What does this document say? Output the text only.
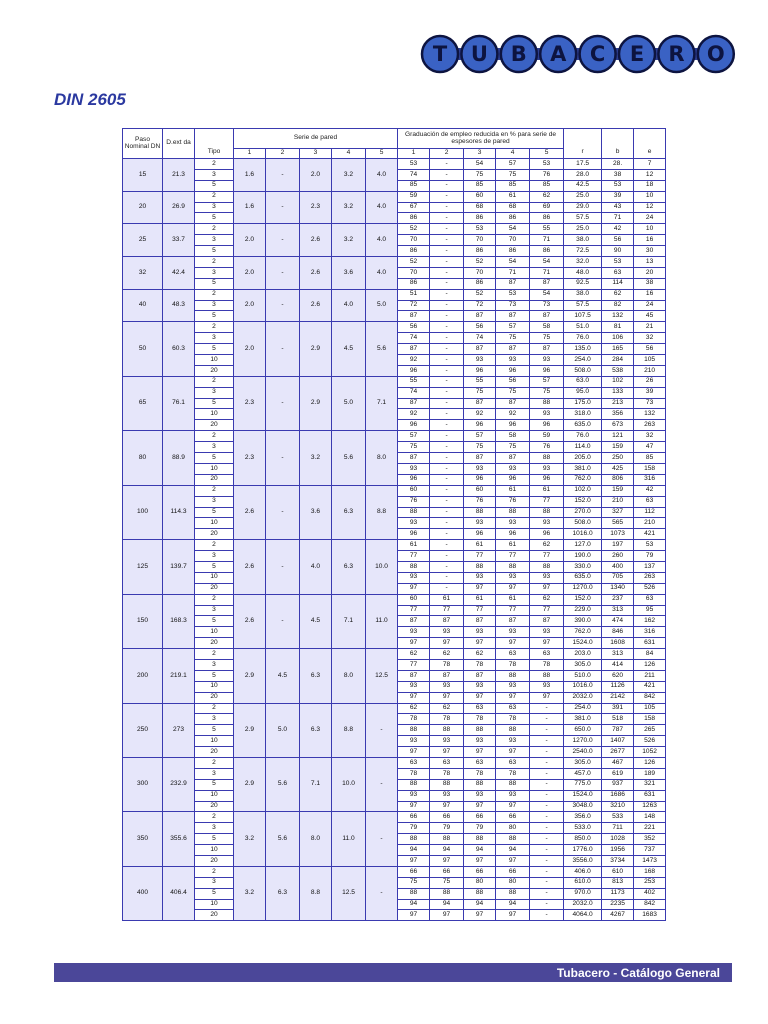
T U B A C E R O
DIN 2605
Paso Nominal DN	D.ext da	Tipo	Serie de pared					Graduación de empleo reducida en % para serie de espesores de pared					r	b	e
			1	2	3	4	5	1	2	3	4	5			
15	21.3	2	1.6	-	2.0	3.2	4.0	53	-	54	57	53	17.5	28.	7
		3						74	-	75	75	76	28.0	38	12
		5						85	-	85	85	85	42.5	53	18
20	26.9	2	1.6	-	2.3	3.2	4.0	59	-	60	61	62	25.0	39	10
		3						67	-	68	68	69	29.0	43	12
		5						86	-	86	86	86	57.5	71	24
25	33.7	2	2.0	-	2.6	3.2	4.0	52	-	53	54	55	25.0	42	10
		3						70	-	70	70	71	38.0	56	16
		5						86	-	86	86	86	72.5	90	30
32	42.4	2	2.0	-	2.6	3.6	4.0	52	-	52	54	54	32.0	53	13
		3						70	-	70	71	71	48.0	63	20
		5						86	-	86	87	87	92.5	114	38
40	48.3	2	2.0	-	2.6	4.0	5.0	51	-	52	53	54	38.0	62	16
		3						72	-	72	73	73	57.5	82	24
		5						87	-	87	87	87	107.5	132	45
50	60.3	2	2.0	-	2.9	4.5	5.6	56	-	56	57	58	51.0	81	21
		3						74	-	74	75	75	76.0	106	32
		5						87	-	87	87	87	135.0	165	56
		10						92	-	93	93	93	254.0	284	105
		20						96	-	96	96	96	508.0	538	210
65	76.1	2	2.3	-	2.9	5.0	7.1	55	-	55	56	57	63.0	102	26
		3						74	-	75	75	75	95.0	133	39
		5						87	-	87	87	88	175.0	213	73
		10						92	-	92	92	93	318.0	356	132
		20						96	-	96	96	96	635.0	673	263
80	88.9	2	2.3	-	3.2	5.6	8.0	57	-	57	58	59	76.0	121	32
		3						75	-	75	75	76	114.0	159	47
		5						87	-	87	87	88	205.0	250	85
		10						93	-	93	93	93	381.0	425	158
		20						96	-	96	96	96	762.0	806	316
100	114.3	2	2.6	-	3.6	6.3	8.8	60	-	60	61	61	102.0	159	42
		3						76	-	76	76	77	152.0	210	63
		5						88	-	88	88	88	270.0	327	112
		10						93	-	93	93	93	508.0	565	210
		20						96	-	96	96	96	1016.0	1073	421
125	139.7	2	2.6	-	4.0	6.3	10.0	61	-	61	61	62	127.0	197	53
		3						77	-	77	77	77	190.0	260	79
		5						88	-	88	88	88	330.0	400	137
		10						93	-	93	93	93	635.0	705	263
		20						97	-	97	97	97	1270.0	1340	526
150	168.3	2	2.6	-	4.5	7.1	11.0	60	61	61	61	62	152.0	237	63
		3						77	77	77	77	77	229.0	313	95
		5						87	87	87	87	87	390.0	474	162
		10						93	93	93	93	93	762.0	846	316
		20						97	97	97	97	97	1524.0	1608	631
200	219.1	2	2.9	4.5	6.3	8.0	12.5	62	62	62	63	63	203.0	313	84
		3						77	78	78	78	78	305.0	414	126
		5						87	87	87	88	88	510.0	620	211
		10						93	93	93	93	93	1016.0	1126	421
		20						97	97	97	97	97	2032.0	2142	842
250	273	2	2.9	5.0	6.3	8.8	-	62	62	63	63	-	254.0	391	105
		3						78	78	78	78	-	381.0	518	158
		5						88	88	88	88	-	650.0	787	265
		10						93	93	93	93	-	1270.0	1407	526
		20						97	97	97	97	-	2540.0	2677	1052
300	232.9	2	2.9	5.6	7.1	10.0	-	63	63	63	63	-	305.0	467	126
		3						78	78	78	78	-	457.0	619	189
		5						88	88	88	88	-	775.0	937	321
		10						93	93	93	93	-	1524.0	1686	631
		20						97	97	97	97	-	3048.0	3210	1263
350	355.6	2	3.2	5.6	8.0	11.0	-	66	66	66	66	-	356.0	533	148
		3						79	79	79	80	-	533.0	711	221
		5						88	88	88	88	-	850.0	1028	352
		10						94	94	94	94	-	1776.0	1956	737
		20						97	97	97	97	-	3556.0	3734	1473
400	406.4	2	3.2	6.3	8.8	12.5	-	66	66	66	66	-	406.0	610	168
		3						75	75	80	80	-	610.0	813	253
		5						88	88	88	88	-	970.0	1173	402
		10						94	94	94	94	-	2032.0	2235	842
		20						97	97	97	97	-	4064.0	4267	1683
Tubacero - Catálogo General
